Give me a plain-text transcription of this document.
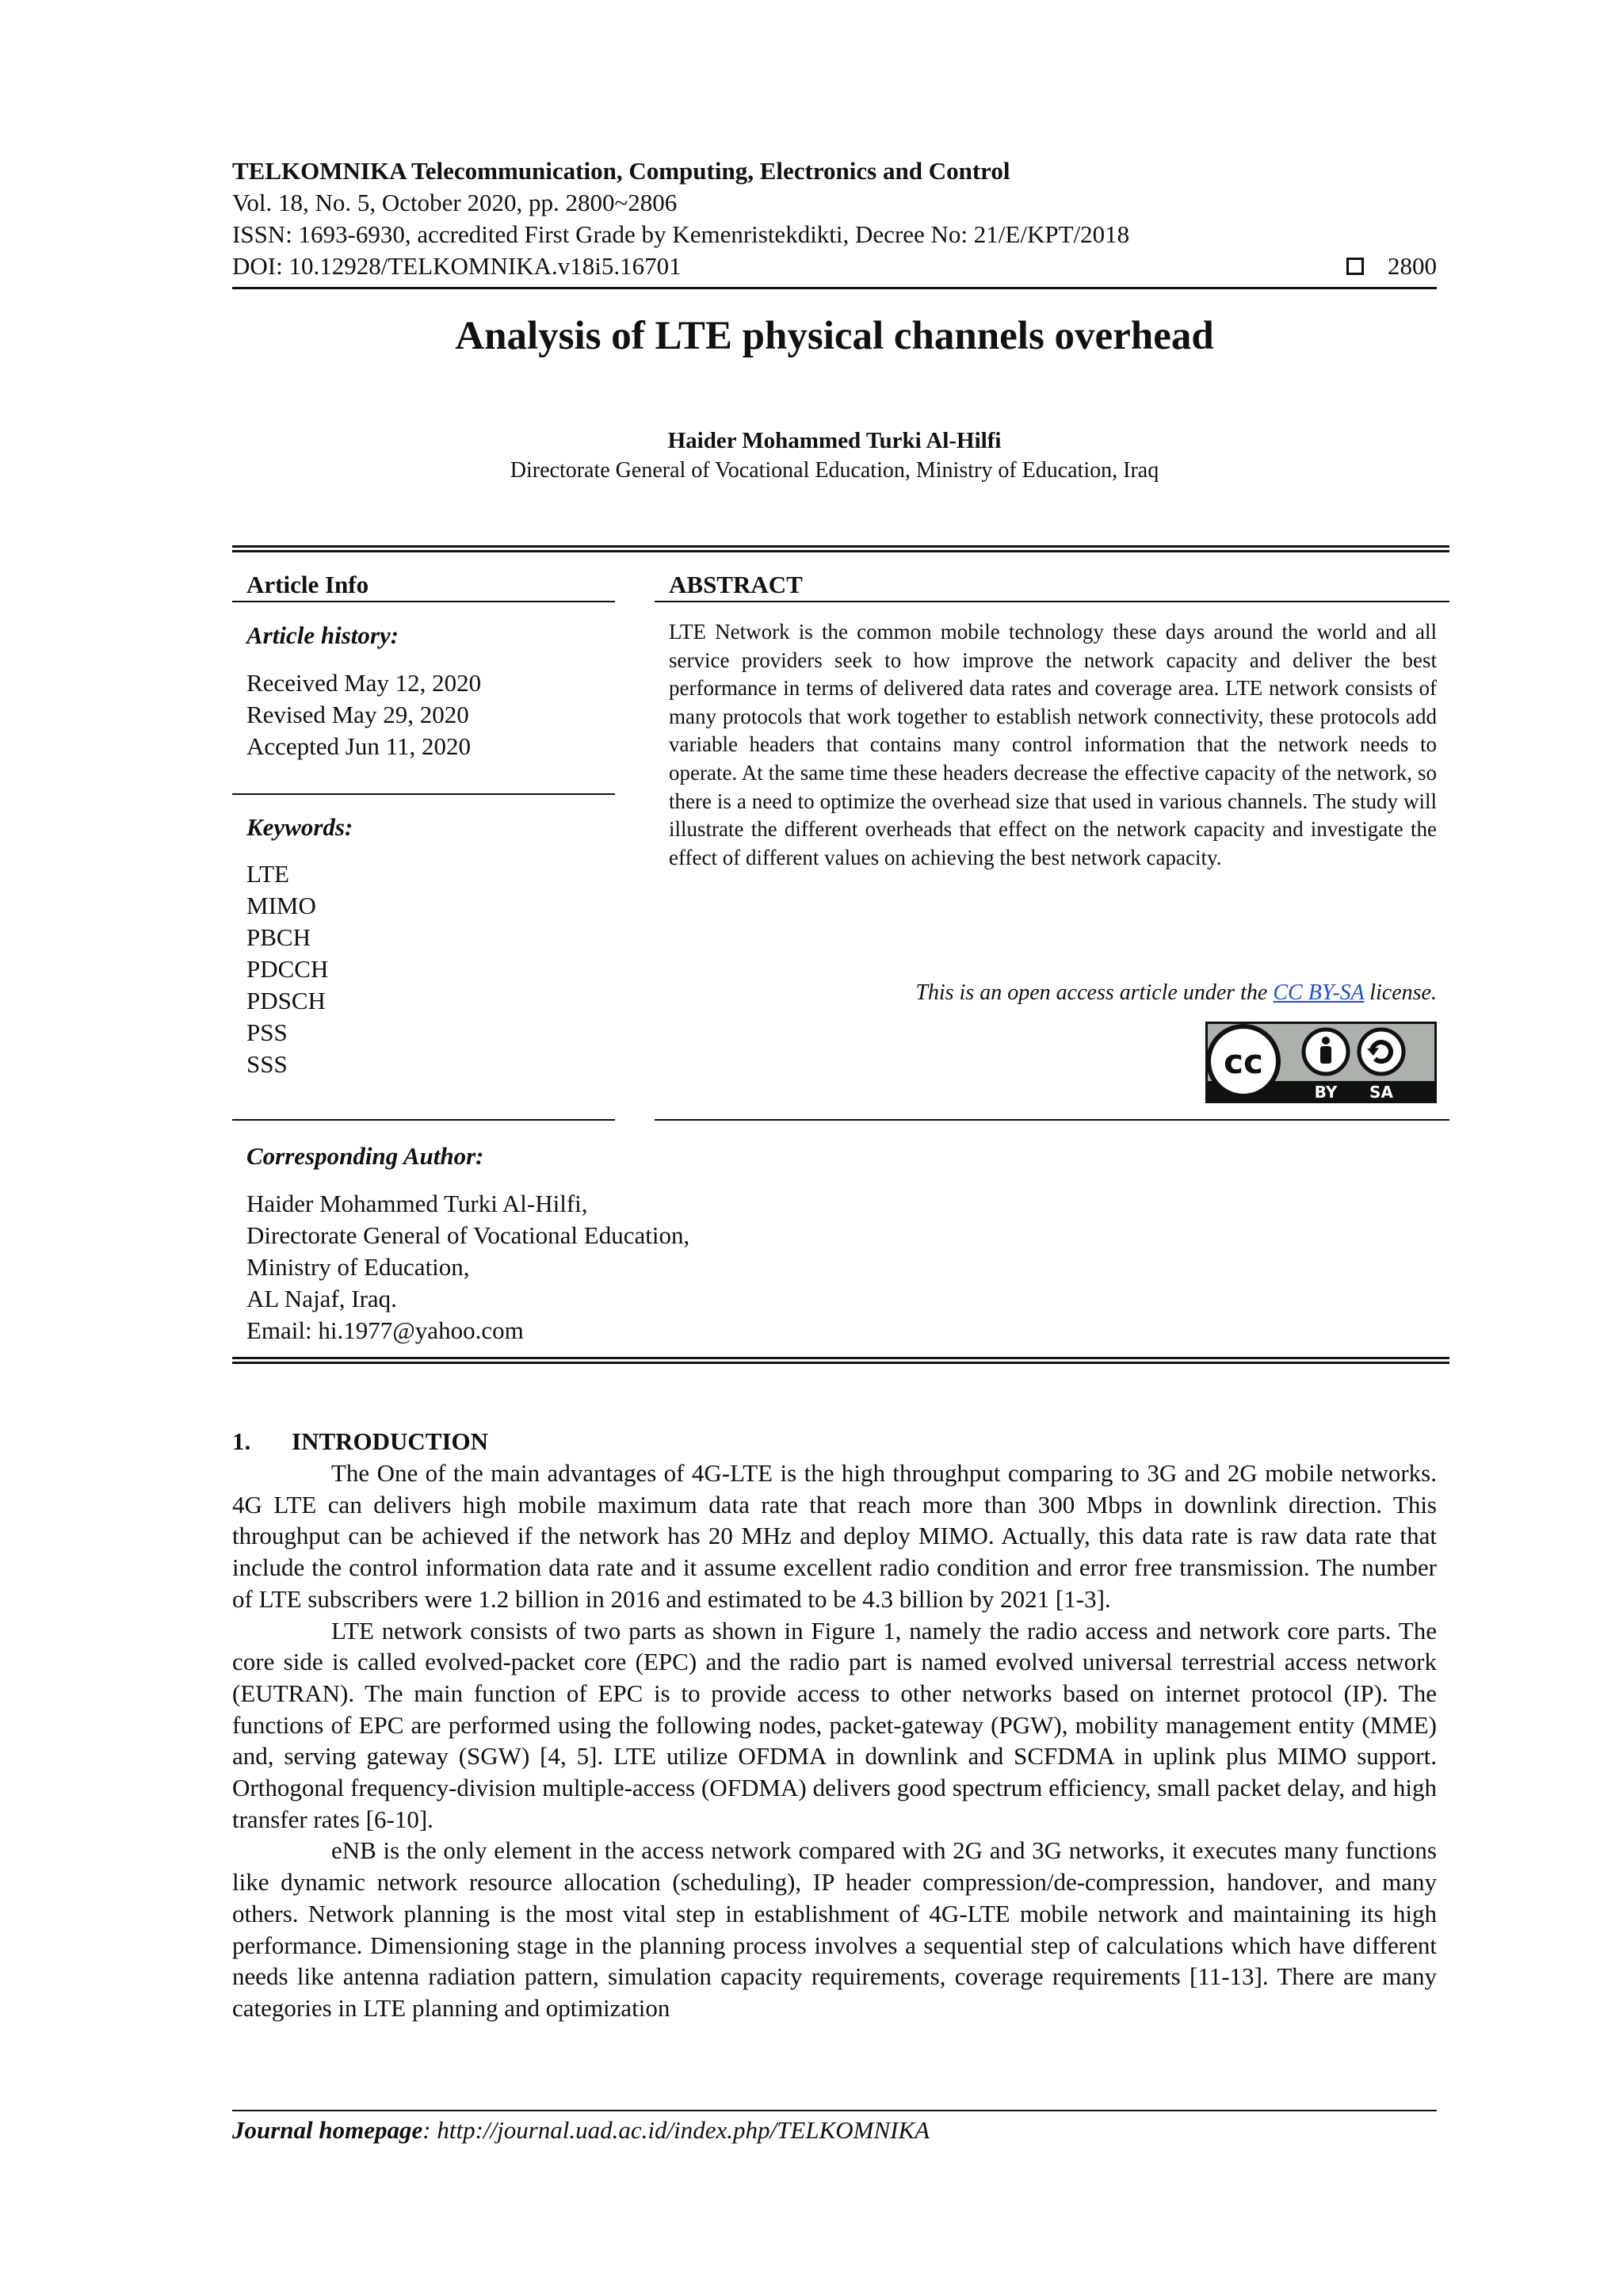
TELKOMNIKA Telecommunication, Computing, Electronics and Control
Vol. 18, No. 5, October 2020, pp. 2800~2806
ISSN: 1693-6930, accredited First Grade by Kemenristekdikti, Decree No: 21/E/KPT/2018
DOI: 10.12928/TELKOMNIKA.v18i5.16701	2800
Analysis of LTE physical channels overhead
Haider Mohammed Turki Al-Hilfi
Directorate General of Vocational Education, Ministry of Education, Iraq
Article Info
Article history:
Received May 12, 2020
Revised May 29, 2020
Accepted Jun 11, 2020
Keywords:
LTE
MIMO
PBCH
PDCCH
PDSCH
PSS
SSS
Corresponding Author:
Haider Mohammed Turki Al-Hilfi,
Directorate General of Vocational Education,
Ministry of Education,
AL Najaf, Iraq.
Email: hi.1977@yahoo.com
ABSTRACT
LTE Network is the common mobile technology these days around the world and all service providers seek to how improve the network capacity and deliver the best performance in terms of delivered data rates and coverage area. LTE network consists of many protocols that work together to establish network connectivity, these protocols add variable headers that contains many control information that the network needs to operate. At the same time these headers decrease the effective capacity of the network, so there is a need to optimize the overhead size that used in various channels. The study will illustrate the different overheads that effect on the network capacity and investigate the effect of different values on achieving the best network capacity.
This is an open access article under the CC BY-SA license.
cc
BY SA
1. INTRODUCTION

The One of the main advantages of 4G-LTE is the high throughput comparing to 3G and 2G mobile networks. 4G LTE can delivers high mobile maximum data rate that reach more than 300 Mbps in downlink direction. This throughput can be achieved if the network has 20 MHz and deploy MIMO. Actually, this data rate is raw data rate that include the control information data rate and it assume excellent radio condition and error free transmission. The number of LTE subscribers were 1.2 billion in 2016 and estimated to be 4.3 billion by 2021 [1-3].

LTE network consists of two parts as shown in Figure 1, namely the radio access and network core parts. The core side is called evolved-packet core (EPC) and the radio part is named evolved universal terrestrial access network (EUTRAN). The main function of EPC is to provide access to other networks based on internet protocol (IP). The functions of EPC are performed using the following nodes, packet-gateway (PGW), mobility management entity (MME) and, serving gateway (SGW) [4, 5]. LTE utilize OFDMA in downlink and SCFDMA in uplink plus MIMO support. Orthogonal frequency-division multiple-access (OFDMA) delivers good spectrum efficiency, small packet delay, and high transfer rates [6-10].

eNB is the only element in the access network compared with 2G and 3G networks, it executes many functions like dynamic network resource allocation (scheduling), IP header compression/de-compression, handover, and many others. Network planning is the most vital step in establishment of 4G-LTE mobile network and maintaining its high performance. Dimensioning stage in the planning process involves a sequential step of calculations which have different needs like antenna radiation pattern, simulation capacity requirements, coverage requirements [11-13]. There are many categories in LTE planning and optimization

Journal homepage: http://journal.uad.ac.id/index.php/TELKOMNIKA
